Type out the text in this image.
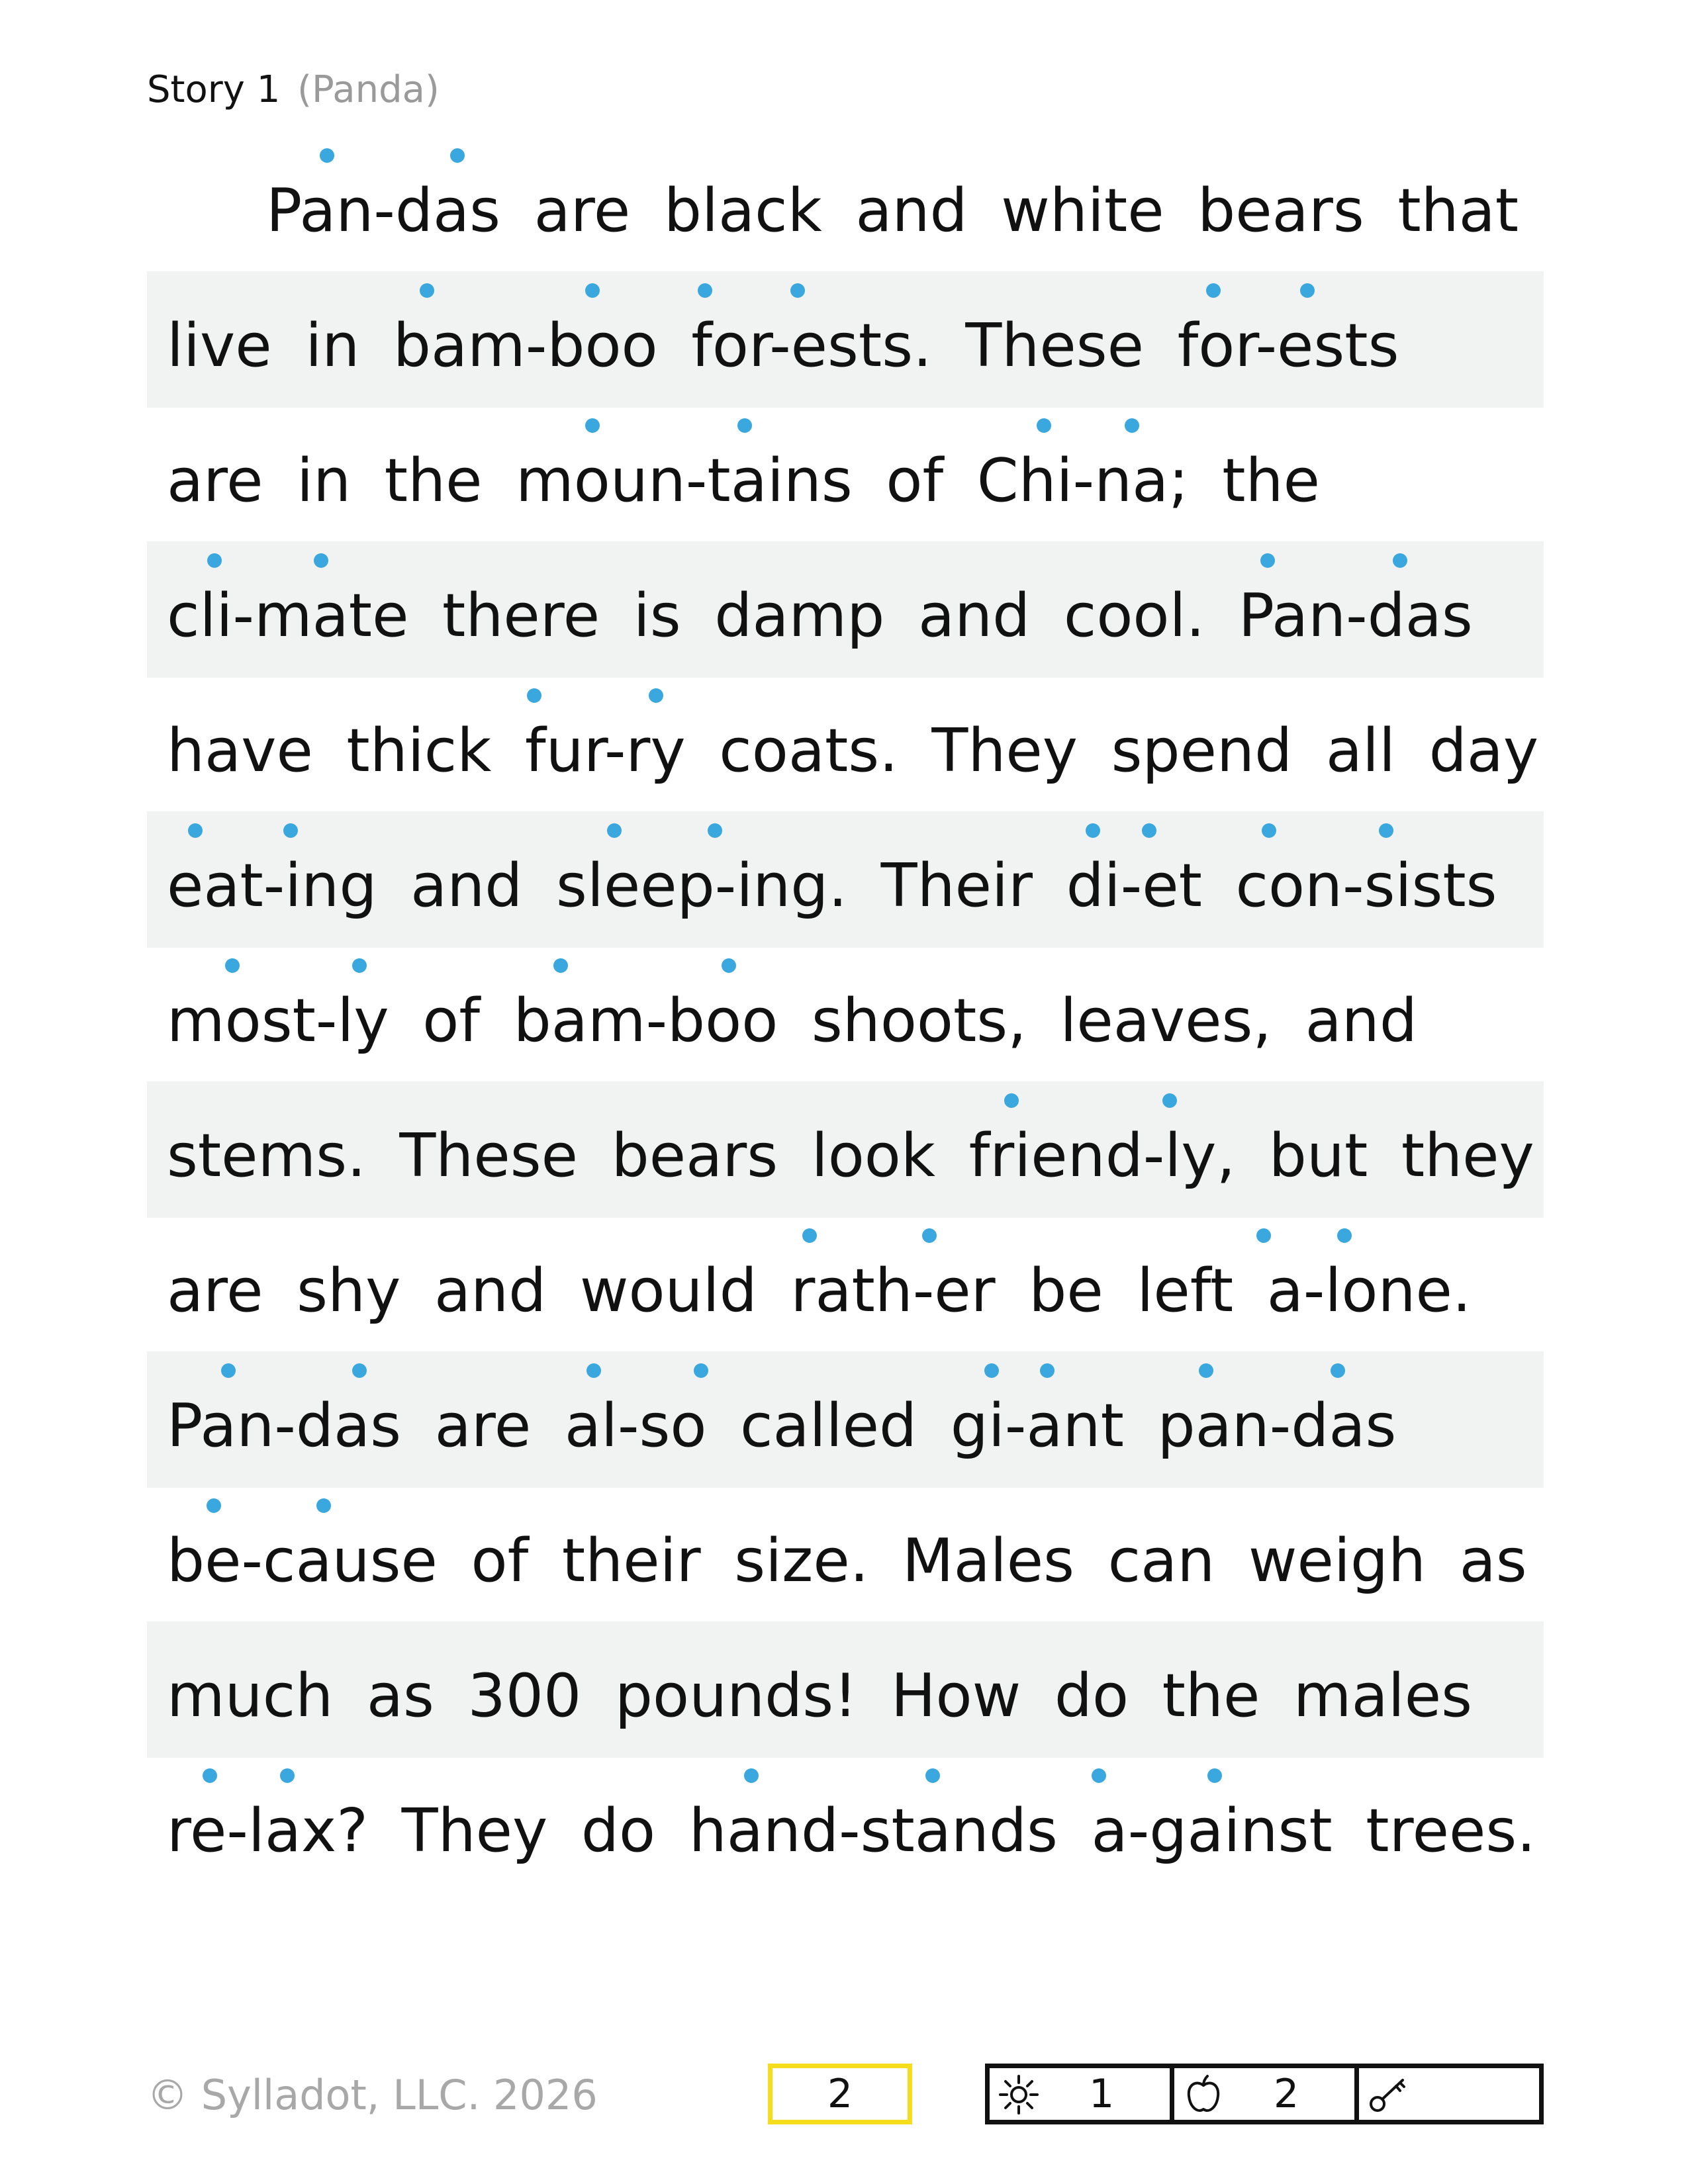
Story 1 (Panda)
Pan-das are black and white bears that
live in bam-boo for-ests. These for-ests
are in the moun-tains of Chi-na; the
cli-mate there is damp and cool. Pan-das
have thick fur-ry coats. They spend all day
eat-ing and sleep-ing. Their di-et con-sists
most-ly of bam-boo shoots, leaves, and
stems. These bears look friend-ly, but they
are shy and would rath-er be left a-lone.
Pan-das are al-so called gi-ant pan-das
be-cause of their size. Males can weigh as
much as 300 pounds! How do the males
re-lax? They do hand-stands a-gainst trees.
© Sylladot, LLC. 2026	2	1	2
